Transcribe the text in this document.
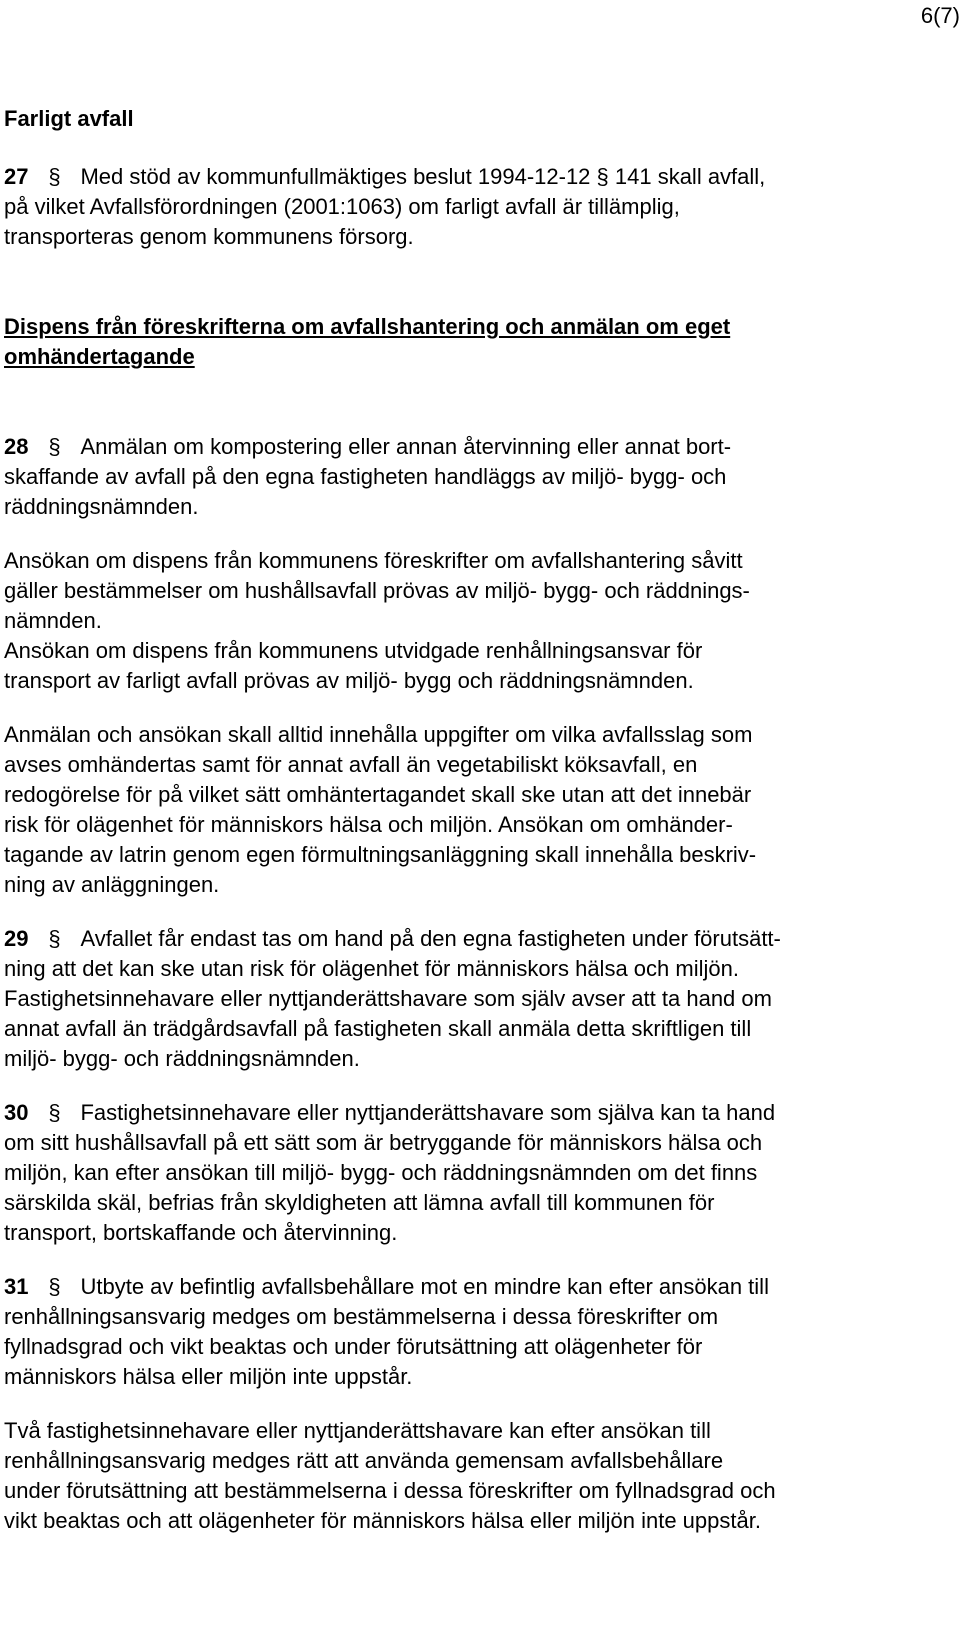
6(7)
Farligt avfall
27 § Med stöd av kommunfullmäktiges beslut 1994-12-12 § 141 skall avfall,
på vilket Avfallsförordningen (2001:1063) om farligt avfall är tillämplig,
transporteras genom kommunens försorg.
Dispens från föreskrifterna om avfallshantering och anmälan om eget
omhändertagande
28 § Anmälan om kompostering eller annan återvinning eller annat bort-
skaffande av avfall på den egna fastigheten handläggs av miljö- bygg- och
räddningsnämnden.
Ansökan om dispens från kommunens föreskrifter om avfallshantering såvitt
gäller bestämmelser om hushållsavfall prövas av miljö- bygg- och räddnings-
nämnden.
Ansökan om dispens från kommunens utvidgade renhållningsansvar för
transport av farligt avfall prövas av miljö- bygg och räddningsnämnden.
Anmälan och ansökan skall alltid innehålla uppgifter om vilka avfallsslag som
avses omhändertas samt för annat avfall än vegetabiliskt köksavfall, en
redogörelse för på vilket sätt omhäntertagandet skall ske utan att det innebär
risk för olägenhet för människors hälsa och miljön. Ansökan om omhänder-
tagande av latrin genom egen förmultningsanläggning skall innehålla beskriv-
ning av anläggningen.
29 § Avfallet får endast tas om hand på den egna fastigheten under förutsätt-
ning att det kan ske utan risk för olägenhet för människors hälsa och miljön.
Fastighetsinnehavare eller nyttjanderättshavare som själv avser att ta hand om
annat avfall än trädgårdsavfall på fastigheten skall anmäla detta skriftligen till
miljö- bygg- och räddningsnämnden.
30 § Fastighetsinnehavare eller nyttjanderättshavare som själva kan ta hand
om sitt hushållsavfall på ett sätt som är betryggande för människors hälsa och
miljön, kan efter ansökan till miljö- bygg- och räddningsnämnden om det finns
särskilda skäl, befrias från skyldigheten att lämna avfall till kommunen för
transport, bortskaffande och återvinning.
31 § Utbyte av befintlig avfallsbehållare mot en mindre kan efter ansökan till
renhållningsansvarig medges om bestämmelserna i dessa föreskrifter om
fyllnadsgrad och vikt beaktas och under förutsättning att olägenheter för
människors hälsa eller miljön inte uppstår.
Två fastighetsinnehavare eller nyttjanderättshavare kan efter ansökan till
renhållningsansvarig medges rätt att använda gemensam avfallsbehållare
under förutsättning att bestämmelserna i dessa föreskrifter om fyllnadsgrad och
vikt beaktas och att olägenheter för människors hälsa eller miljön inte uppstår.
